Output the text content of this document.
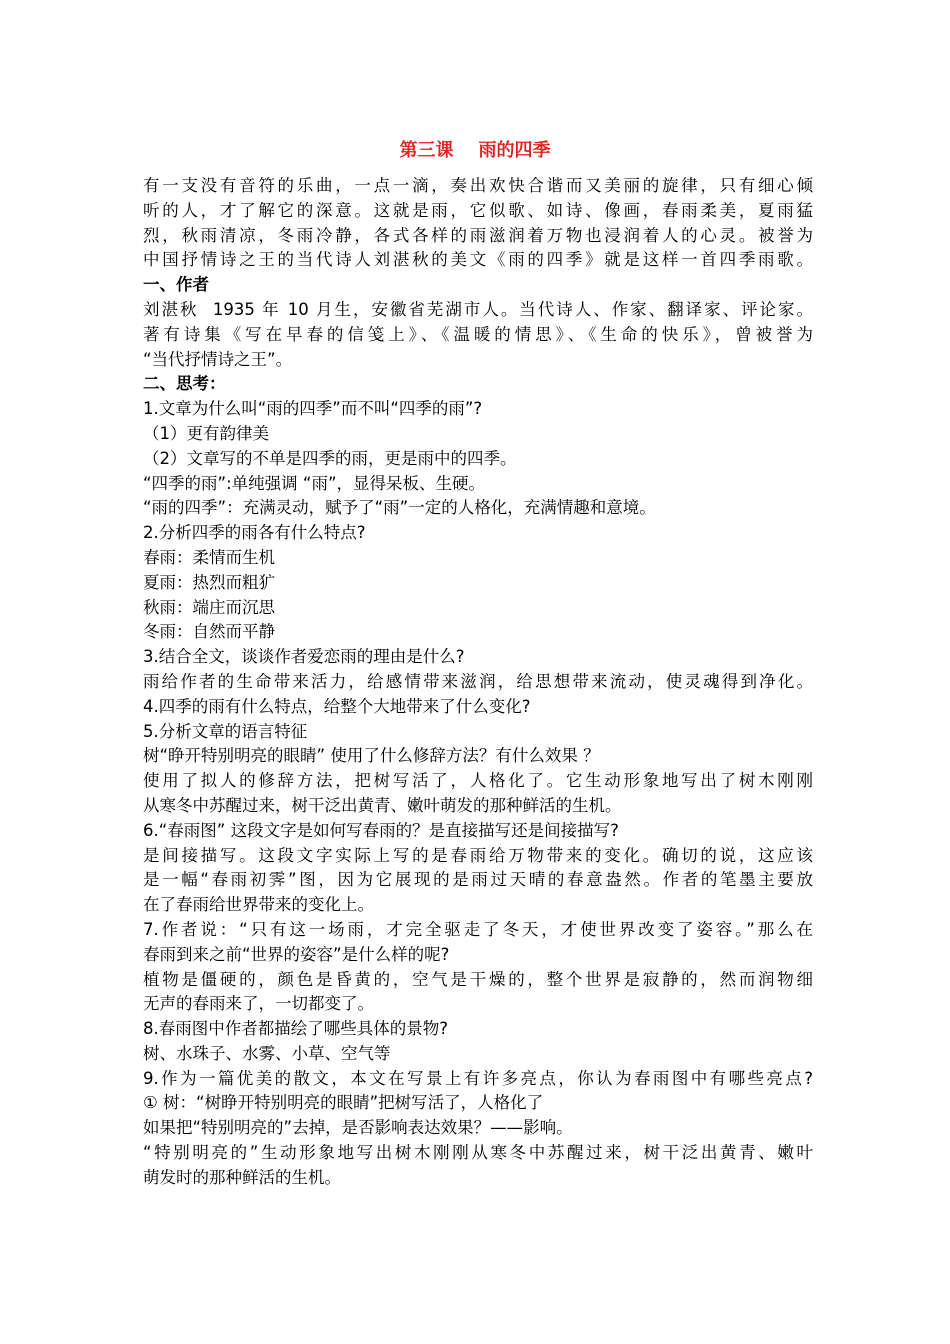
第三课    雨的四季
有一支没有音符的乐曲，一点一滴，奏出欢快合谐而又美丽的旋律，只有细心倾
听的人，才了解它的深意。这就是雨，它似歌、如诗、像画，春雨柔美，夏雨猛
烈，秋雨清凉，冬雨冷静，各式各样的雨滋润着万物也浸润着人的心灵。被誉为
中国抒情诗之王的当代诗人刘湛秋的美文《雨的四季》就是这样一首四季雨歌。
一、作者
刘湛秋  1935 年 10 月生，安徽省芜湖市人。当代诗人、作家、翻译家、评论家。
著有诗集《写在早春的信笺上》、《温暖的情思》、《生命的快乐》，曾被誉为
“当代抒情诗之王”。
二、思考：
1.文章为什么叫“雨的四季”而不叫“四季的雨”?
（1）更有韵律美
（2）文章写的不单是四季的雨，更是雨中的四季。
“四季的雨”:单纯强调 “雨”，显得呆板、生硬。
“雨的四季”：充满灵动，赋予了“雨”一定的人格化，充满情趣和意境。
2.分析四季的雨各有什么特点?
春雨：柔情而生机
夏雨：热烈而粗犷
秋雨：端庄而沉思
冬雨：自然而平静
3.结合全文，谈谈作者爱恋雨的理由是什么?
雨给作者的生命带来活力，给感情带来滋润，给思想带来流动，使灵魂得到净化。
4.四季的雨有什么特点，给整个大地带来了什么变化?
5.分析文章的语言特征
树“睁开特别明亮的眼睛” 使用了什么修辞方法？有什么效果 ？
使用了拟人的修辞方法，把树写活了，人格化了。它生动形象地写出了树木刚刚
从寒冬中苏醒过来，树干泛出黄青、嫩叶萌发的那种鲜活的生机。
6.“春雨图” 这段文字是如何写春雨的？是直接描写还是间接描写?
是间接描写。这段文字实际上写的是春雨给万物带来的变化。确切的说，这应该
是一幅“春雨初霁”图，因为它展现的是雨过天晴的春意盎然。作者的笔墨主要放
在了春雨给世界带来的变化上。
7.作者说：“只有这一场雨，才完全驱走了冬天，才使世界改变了姿容。”那么在
春雨到来之前“世界的姿容”是什么样的呢?
植物是僵硬的，颜色是昏黄的，空气是干燥的，整个世界是寂静的，然而润物细
无声的春雨来了，一切都变了。
8.春雨图中作者都描绘了哪些具体的景物?
树、水珠子、水雾、小草、空气等
9.作为一篇优美的散文，本文在写景上有许多亮点，你认为春雨图中有哪些亮点?
① 树：“树睁开特别明亮的眼睛”把树写活了，人格化了
如果把“特别明亮的”去掉，是否影响表达效果？——影响。
“特别明亮的”生动形象地写出树木刚刚从寒冬中苏醒过来，树干泛出黄青、嫩叶
萌发时的那种鲜活的生机。
